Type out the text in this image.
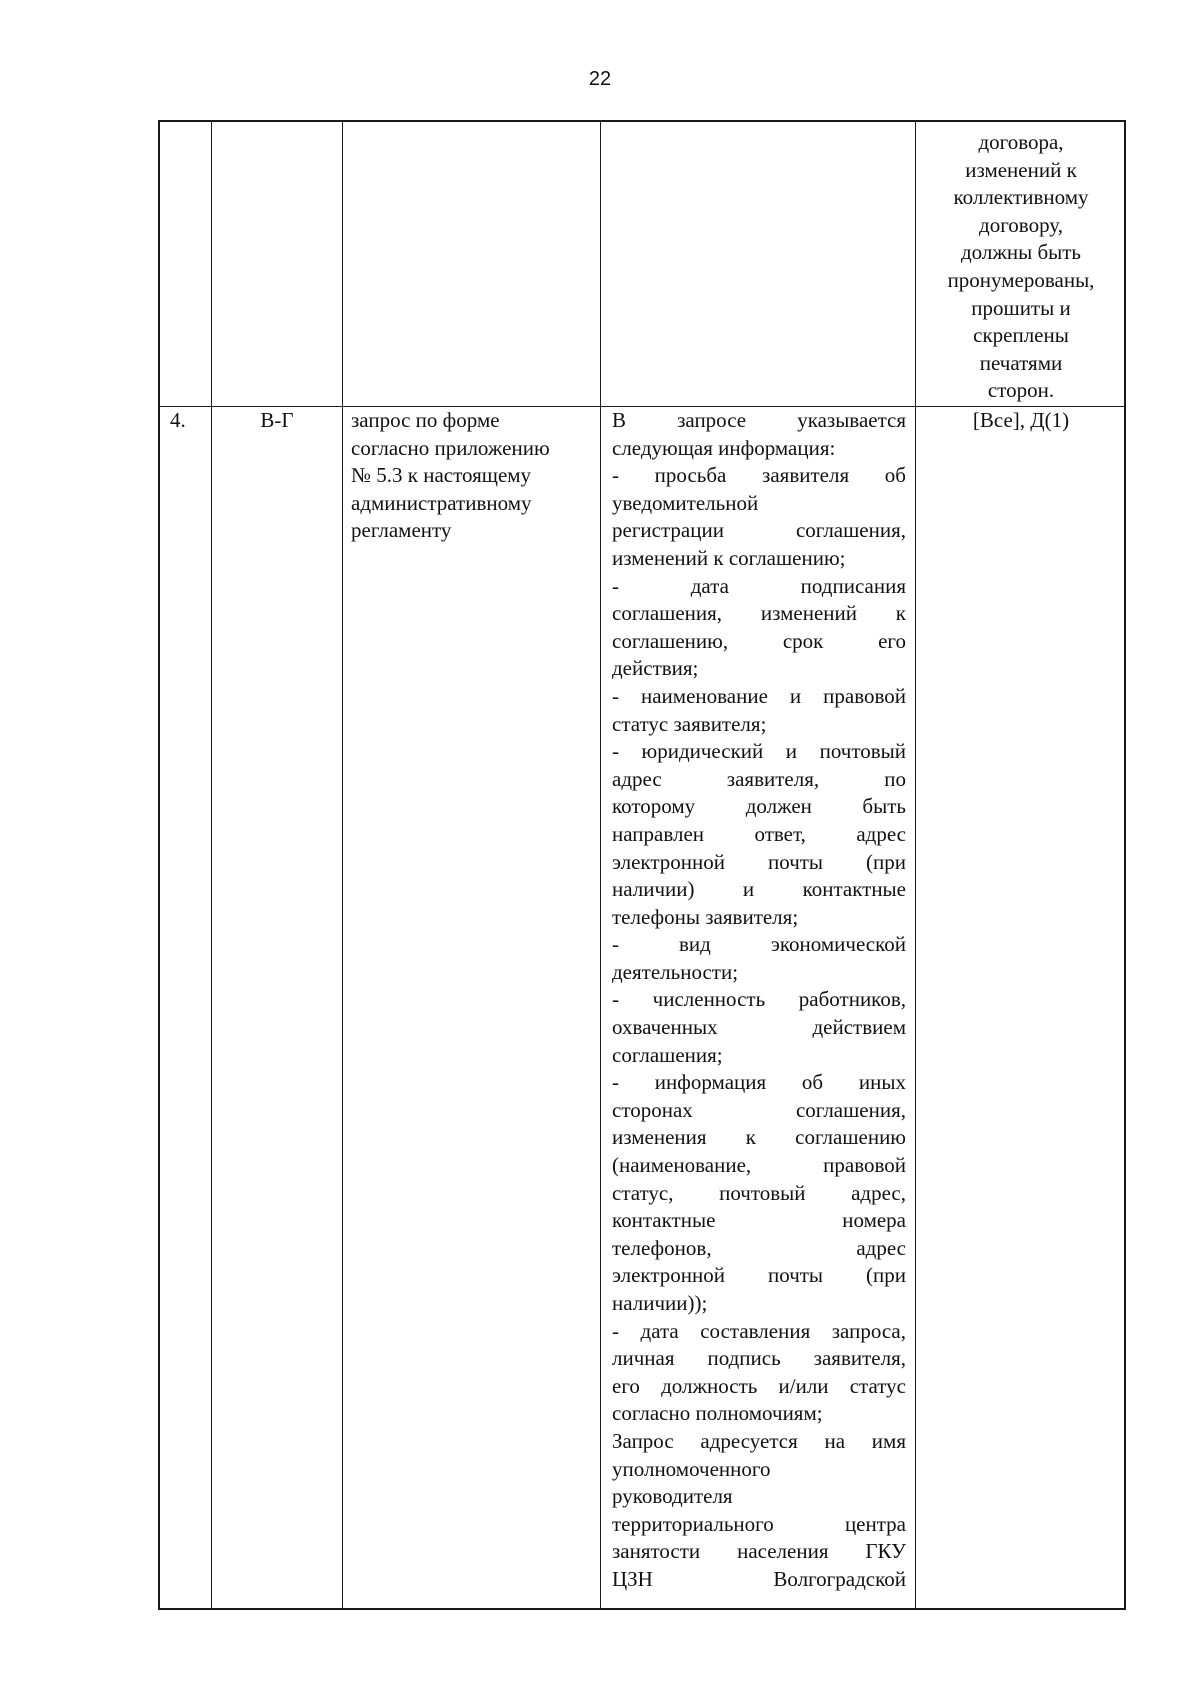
22
договора,
изменений к
коллективному
договору,
должны быть
пронумерованы,
прошиты и
скреплены
печатями
сторон.
4.	В-Г	запрос по форме
согласно приложению
№ 5.3 к настоящему
административному
регламенту
В запросе указывается
следующая информация:
- просьба заявителя об
уведомительной
регистрации соглашения,
изменений к соглашению;
- дата подписания
соглашения, изменений к
соглашению, срок его
действия;
- наименование и правовой
статус заявителя;
- юридический и почтовый
адрес заявителя, по
которому должен быть
направлен ответ, адрес
электронной почты (при
наличии) и контактные
телефоны заявителя;
- вид экономической
деятельности;
- численность работников,
охваченных действием
соглашения;
- информация об иных
сторонах соглашения,
изменения к соглашению
(наименование, правовой
статус, почтовый адрес,
контактные номера
телефонов, адрес
электронной почты (при
наличии));
- дата составления запроса,
личная подпись заявителя,
его должность и/или статус
согласно полномочиям;
Запрос адресуется на имя
уполномоченного
руководителя
территориального центра
занятости населения ГКУ
ЦЗН Волгоградской
[Все], Д(1)
